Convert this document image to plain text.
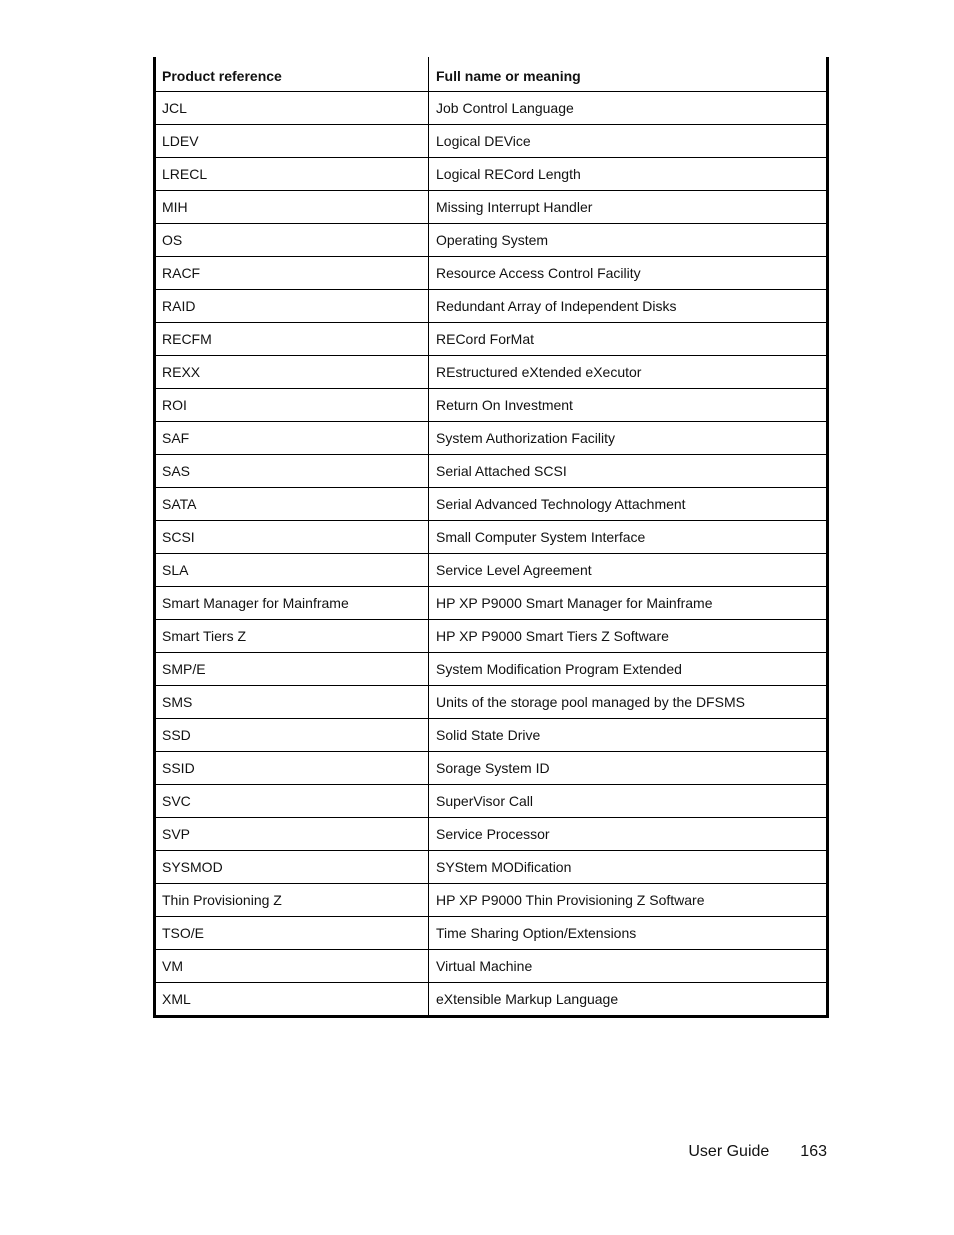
Product reference	Full name or meaning
JCL	Job Control Language
LDEV	Logical DEVice
LRECL	Logical RECord Length
MIH	Missing Interrupt Handler
OS	Operating System
RACF	Resource Access Control Facility
RAID	Redundant Array of Independent Disks
RECFM	RECord ForMat
REXX	REstructured eXtended eXecutor
ROI	Return On Investment
SAF	System Authorization Facility
SAS	Serial Attached SCSI
SATA	Serial Advanced Technology Attachment
SCSI	Small Computer System Interface
SLA	Service Level Agreement
Smart Manager for Mainframe	HP XP P9000 Smart Manager for Mainframe
Smart Tiers Z	HP XP P9000 Smart Tiers Z Software
SMP/E	System Modification Program Extended
SMS	Units of the storage pool managed by the DFSMS
SSD	Solid State Drive
SSID	Sorage System ID
SVC	SuperVisor Call
SVP	Service Processor
SYSMOD	SYStem MODification
Thin Provisioning Z	HP XP P9000 Thin Provisioning Z Software
TSO/E	Time Sharing Option/Extensions
VM	Virtual Machine
XML	eXtensible Markup Language
User Guide 163
